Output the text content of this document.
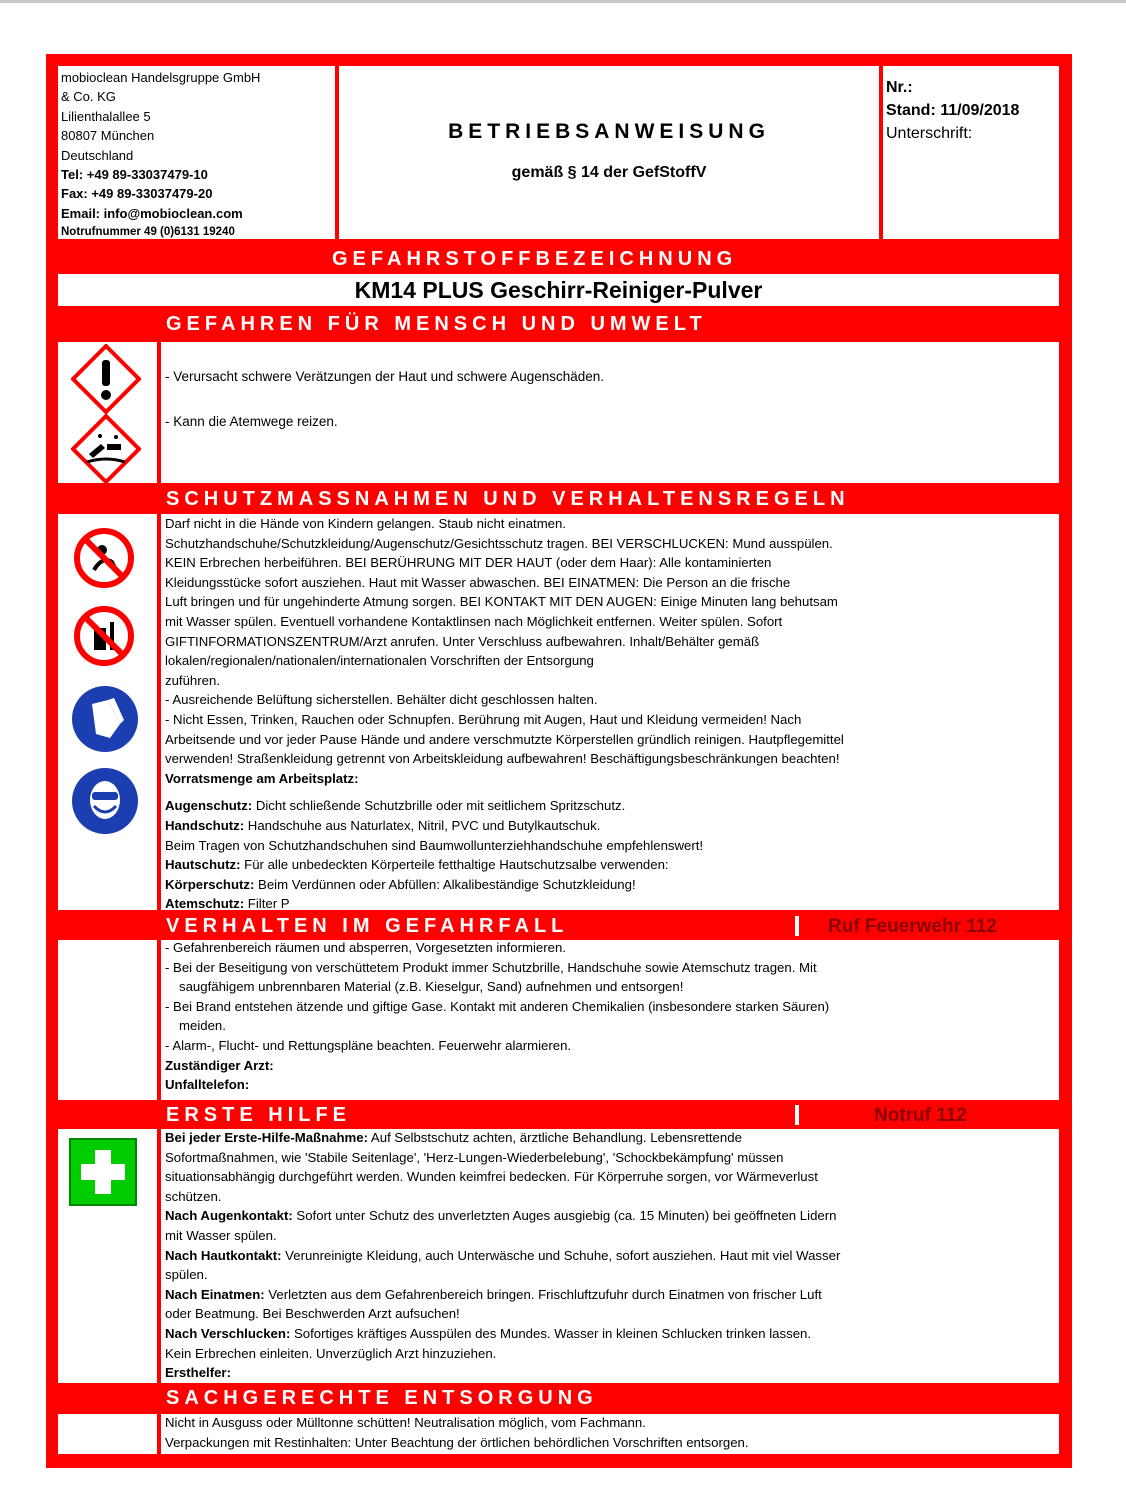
mobioclean Handelsgruppe GmbH
& Co. KG
Lilienthalallee 5
80807 München
Deutschland
Tel: +49 89-33037479-10
Fax: +49 89-33037479-20
Email: info@mobioclean.com
Notrufnummer 49 (0)6131 19240
BETRIEBSANWEISUNG
gemäß § 14 der GefStoffV
Nr.:
Stand: 11/09/2018
Unterschrift:
GEFAHRSTOFFBEZEICHNUNG
KM14 PLUS Geschirr-Reiniger-Pulver
GEFAHREN FÜR MENSCH UND UMWELT
- Verursacht schwere Verätzungen der Haut und schwere Augenschäden.
- Kann die Atemwege reizen.
SCHUTZMASSNAHMEN UND VERHALTENSREGELN
Darf nicht in die Hände von Kindern gelangen. Staub nicht einatmen.
Schutzhandschuhe/Schutzkleidung/Augenschutz/Gesichtsschutz tragen. BEI VERSCHLUCKEN: Mund ausspülen.
KEIN Erbrechen herbeiführen. BEI BERÜHRUNG MIT DER HAUT (oder dem Haar): Alle kontaminierten
Kleidungsstücke sofort ausziehen. Haut mit Wasser abwaschen. BEI EINATMEN: Die Person an die frische
Luft bringen und für ungehinderte Atmung sorgen. BEI KONTAKT MIT DEN AUGEN: Einige Minuten lang behutsam
mit Wasser spülen. Eventuell vorhandene Kontaktlinsen nach Möglichkeit entfernen. Weiter spülen. Sofort
GIFTINFORMATIONSZENTRUM/Arzt anrufen. Unter Verschluss aufbewahren. Inhalt/Behälter gemäß
lokalen/regionalen/nationalen/internationalen Vorschriften der Entsorgung
zuführen.
- Ausreichende Belüftung sicherstellen. Behälter dicht geschlossen halten.
- Nicht Essen, Trinken, Rauchen oder Schnupfen. Berührung mit Augen, Haut und Kleidung vermeiden! Nach
Arbeitsende und vor jeder Pause Hände und andere verschmutzte Körperstellen gründlich reinigen. Hautpflegemittel
verwenden! Straßenkleidung getrennt von Arbeitskleidung aufbewahren! Beschäftigungsbeschränkungen beachten!
Vorratsmenge am Arbeitsplatz:
Augenschutz: Dicht schließende Schutzbrille oder mit seitlichem Spritzschutz.
Handschutz: Handschuhe aus Naturlatex, Nitril, PVC und Butylkautschuk.
Beim Tragen von Schutzhandschuhen sind Baumwollunterziehhandschuhe empfehlenswert!
Hautschutz: Für alle unbedeckten Körperteile fetthaltige Hautschutzsalbe verwenden:
Körperschutz: Beim Verdünnen oder Abfüllen: Alkalibeständige Schutzkleidung!
Atemschutz: Filter P
VERHALTEN IM GEFAHRFALL	Ruf Feuerwehr 112
- Gefahrenbereich räumen und absperren, Vorgesetzten informieren.
- Bei der Beseitigung von verschüttetem Produkt immer Schutzbrille, Handschuhe sowie Atemschutz tragen. Mit
saugfähigem unbrennbaren Material (z.B. Kieselgur, Sand) aufnehmen und entsorgen!
- Bei Brand entstehen ätzende und giftige Gase. Kontakt mit anderen Chemikalien (insbesondere starken Säuren)
meiden.
- Alarm-, Flucht- und Rettungspläne beachten. Feuerwehr alarmieren.
Zuständiger Arzt:
Unfalltelefon:
ERSTE HILFE	Notruf 112
Bei jeder Erste-Hilfe-Maßnahme: Auf Selbstschutz achten, ärztliche Behandlung. Lebensrettende
Sofortmaßnahmen, wie 'Stabile Seitenlage', 'Herz-Lungen-Wiederbelebung', 'Schockbekämpfung' müssen
situationsabhängig durchgeführt werden. Wunden keimfrei bedecken. Für Körperruhe sorgen, vor Wärmeverlust
schützen.
Nach Augenkontakt: Sofort unter Schutz des unverletzten Auges ausgiebig (ca. 15 Minuten) bei geöffneten Lidern
mit Wasser spülen.
Nach Hautkontakt: Verunreinigte Kleidung, auch Unterwäsche und Schuhe, sofort ausziehen. Haut mit viel Wasser
spülen.
Nach Einatmen: Verletzten aus dem Gefahrenbereich bringen. Frischluftzufuhr durch Einatmen von frischer Luft
oder Beatmung. Bei Beschwerden Arzt aufsuchen!
Nach Verschlucken: Sofortiges kräftiges Ausspülen des Mundes. Wasser in kleinen Schlucken trinken lassen.
Kein Erbrechen einleiten. Unverzüglich Arzt hinzuziehen.
Ersthelfer:
SACHGERECHTE ENTSORGUNG
Nicht in Ausguss oder Mülltonne schütten! Neutralisation möglich, vom Fachmann.
Verpackungen mit Restinhalten: Unter Beachtung der örtlichen behördlichen Vorschriften entsorgen.
